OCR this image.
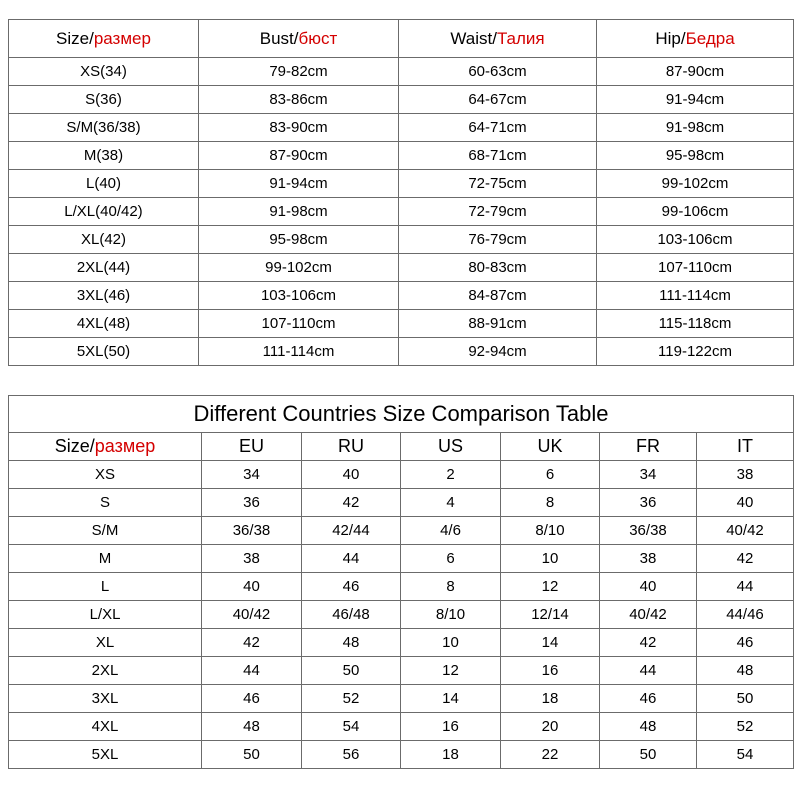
Size/размер	Bust/бюст	Waist/Талия	Hip/Бедра
XS(34)	79-82cm	60-63cm	87-90cm
S(36)	83-86cm	64-67cm	91-94cm
S/M(36/38)	83-90cm	64-71cm	91-98cm
M(38)	87-90cm	68-71cm	95-98cm
L(40)	91-94cm	72-75cm	99-102cm
L/XL(40/42)	91-98cm	72-79cm	99-106cm
XL(42)	95-98cm	76-79cm	103-106cm
2XL(44)	99-102cm	80-83cm	107-110cm
3XL(46)	103-106cm	84-87cm	111-114cm
4XL(48)	107-110cm	88-91cm	115-118cm
5XL(50)	111-114cm	92-94cm	119-122cm
Different Countries Size Comparison Table						
Size/размер	EU	RU	US	UK	FR	IT
XS	34	40	2	6	34	38
S	36	42	4	8	36	40
S/M	36/38	42/44	4/6	8/10	36/38	40/42
M	38	44	6	10	38	42
L	40	46	8	12	40	44
L/XL	40/42	46/48	8/10	12/14	40/42	44/46
XL	42	48	10	14	42	46
2XL	44	50	12	16	44	48
3XL	46	52	14	18	46	50
4XL	48	54	16	20	48	52
5XL	50	56	18	22	50	54
